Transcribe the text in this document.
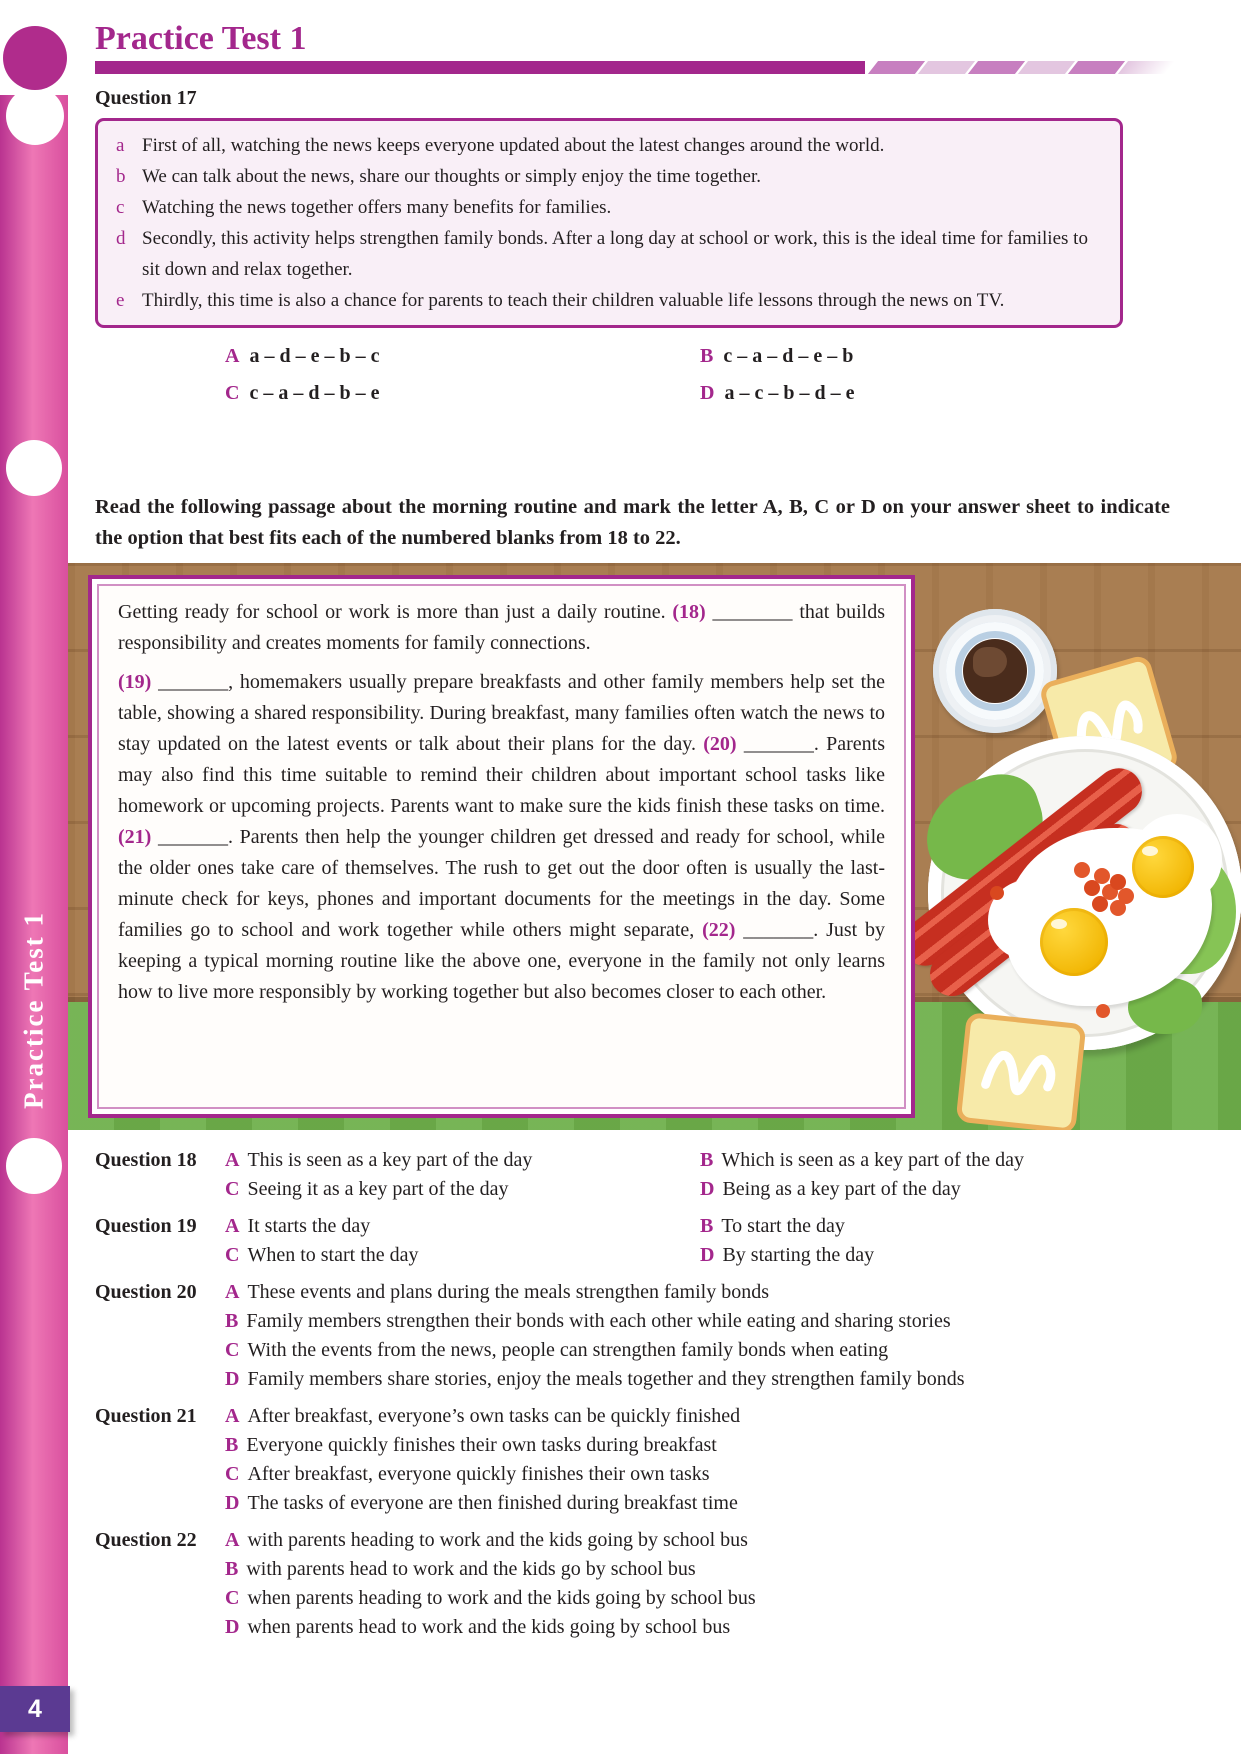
Practice Test 1
4
Practice Test 1
Question 17
a First of all, watching the news keeps everyone updated about the latest changes around the world.
b We can talk about the news, share our thoughts or simply enjoy the time together.
c Watching the news together offers many benefits for families.
d Secondly, this activity helps strengthen family bonds. After a long day at school or work, this is the ideal time for families to sit down and relax together.
e Thirdly, this time is also a chance for parents to teach their children valuable life lessons through the news on TV.
A a – d – e – b – c	B c – a – d – e – b
C c – a – d – b – e	D a – c – b – d – e

Read the following passage about the morning routine and mark the letter A, B, C or D on your answer sheet to indicate the option that best fits each of the numbered blanks from 18 to 22.

Getting ready for school or work is more than just a daily routine. (18) ________ that builds responsibility and creates moments for family connections.

(19) _______, homemakers usually prepare breakfasts and other family members help set the table, showing a shared responsibility. During breakfast, many families often watch the news to stay updated on the latest events or talk about their plans for the day. (20) _______. Parents may also find this time suitable to remind their children about important school tasks like homework or upcoming projects. Parents want to make sure the kids finish these tasks on time. (21) _______. Parents then help the younger children get dressed and ready for school, while the older ones take care of themselves. The rush to get out the door often is usually the last-minute check for keys, phones and important documents for the meetings in the day. Some families go to school and work together while others might separate, (22) _______. Just by keeping a typical morning routine like the above one, everyone in the family not only learns how to live more responsibly by working together but also becomes closer to each other.

Question 18	A This is seen as a key part of the day	B Which is seen as a key part of the day
C Seeing it as a key part of the day	D Being as a key part of the day
Question 19	A It starts the day	B To start the day
C When to start the day	D By starting the day
Question 20	A These events and plans during the meals strengthen family bonds
B Family members strengthen their bonds with each other while eating and sharing stories
C With the events from the news, people can strengthen family bonds when eating
D Family members share stories, enjoy the meals together and they strengthen family bonds
Question 21	A After breakfast, everyone’s own tasks can be quickly finished
B Everyone quickly finishes their own tasks during breakfast
C After breakfast, everyone quickly finishes their own tasks
D The tasks of everyone are then finished during breakfast time
Question 22	A with parents heading to work and the kids going by school bus
B with parents head to work and the kids go by school bus
C when parents heading to work and the kids going by school bus
D when parents head to work and the kids going by school bus
